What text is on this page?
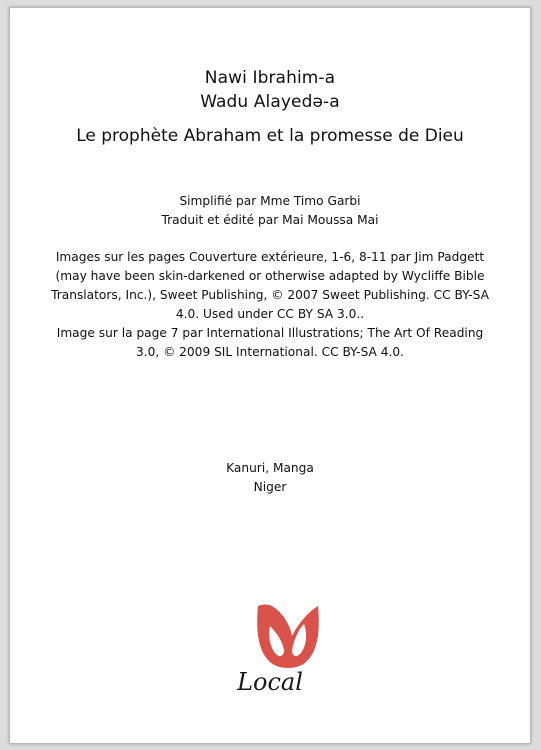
Nawi Ibrahim-a
Wadu Alayedə-a
Le prophète Abraham et la promesse de Dieu
Simplifié par Mme Timo Garbi
Traduit et édité par Mai Moussa Mai

Images sur les pages Couverture extérieure, 1-6, 8-11 par Jim Padgett (may have been skin-darkened or otherwise adapted by Wycliffe Bible Translators, Inc.), Sweet Publishing, © 2007 Sweet Publishing. CC BY-SA 4.0. Used under CC BY SA 3.0..

Image sur la page 7 par International Illustrations; The Art Of Reading 3.0, © 2009 SIL International. CC BY-SA 4.0.

Kanuri, Manga
Niger
Local
